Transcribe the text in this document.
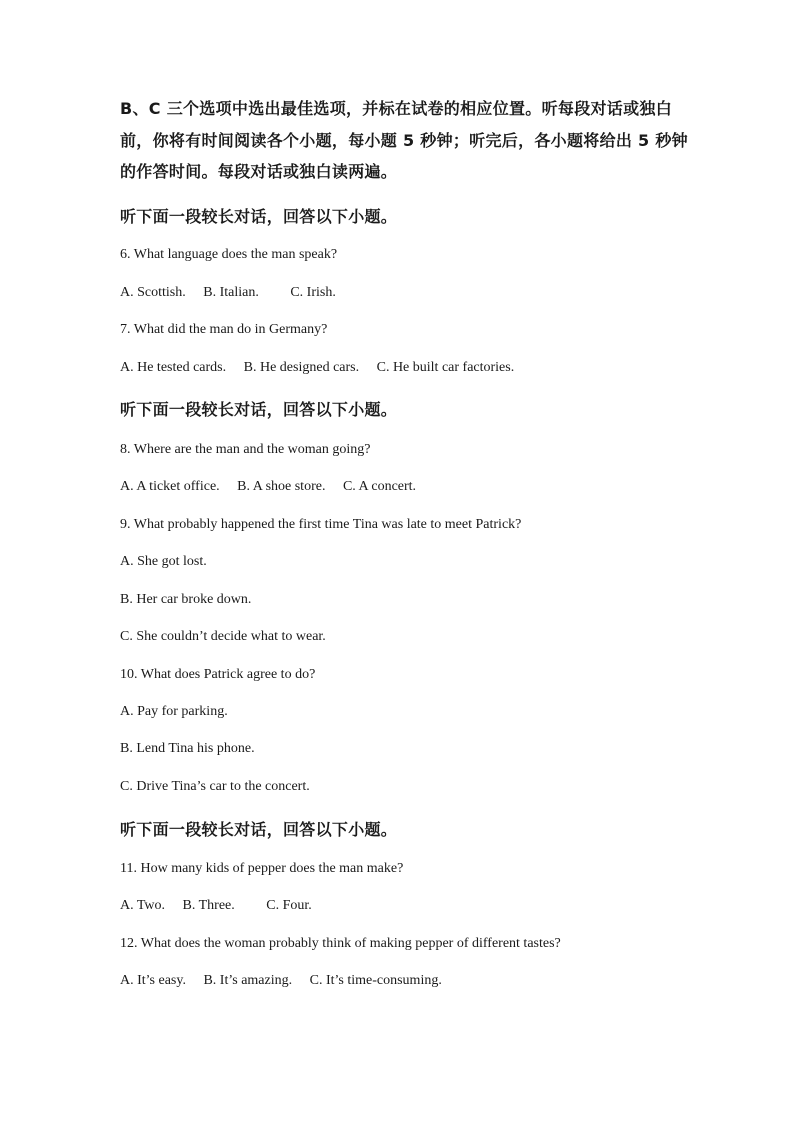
B、C 三个选项中选出最佳选项，并标在试卷的相应位置。听每段对话或独白
前，你将有时间阅读各个小题，每小题 5 秒钟；听完后，各小题将给出 5 秒钟
的作答时间。每段对话或独白读两遍。
听下面一段较长对话，回答以下小题。
6. What language does the man speak?
A. Scottish. B. Italian. C. Irish.
7. What did the man do in Germany?
A. He tested cards. B. He designed cars. C. He built car factories.
听下面一段较长对话，回答以下小题。
8. Where are the man and the woman going?
A. A ticket office. B. A shoe store. C. A concert.
9. What probably happened the first time Tina was late to meet Patrick?
A. She got lost.
B. Her car broke down.
C. She couldn’t decide what to wear.
10. What does Patrick agree to do?
A. Pay for parking.
B. Lend Tina his phone.
C. Drive Tina’s car to the concert.
听下面一段较长对话，回答以下小题。
11. How many kids of pepper does the man make?
A. Two. B. Three. C. Four.
12. What does the woman probably think of making pepper of different tastes?
A. It’s easy. B. It’s amazing. C. It’s time-consuming.
